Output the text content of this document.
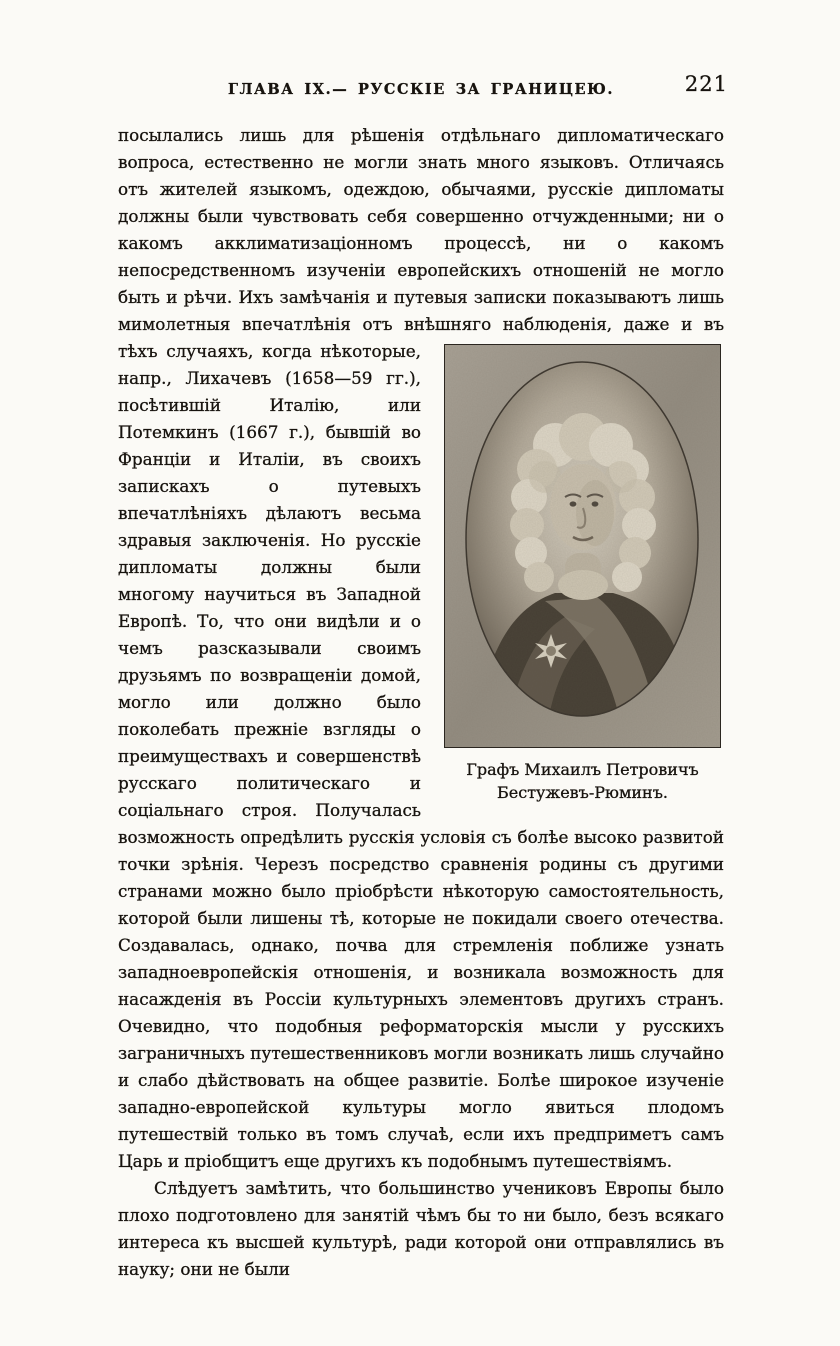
ГЛАВА IX.— РУССКІЕ ЗА ГРАНИЦЕЮ.	221
посылались лишь для рѣшенія отдѣльнаго дипломатическаго вопроса, естественно не могли знать много языковъ. Отличаясь отъ жителей языкомъ, одеждою, обычаями, русскіе дипломаты должны были чувствовать себя совершенно отчужденными; ни о какомъ акклиматизаціонномъ процессѣ, ни о какомъ непосредственномъ изученіи европейскихъ отношеній не могло быть и рѣчи. Ихъ замѣчанія и путевыя записки показываютъ лишь мимолетныя впечатлѣнія отъ внѣшняго наблюденія, даже и въ тѣхъ
Графъ Михаилъ Петровичъ
Бестужевъ-Рюминъ.
случаяхъ, когда нѣкоторые, напр., Лихачевъ (1658—59 гг.), посѣтившій Италію, или Потемкинъ (1667 г.), бывшій во Франціи и Италіи, въ своихъ запискахъ о путевыхъ впечатлѣніяхъ дѣлаютъ весьма здравыя заключенія. Но русскіе дипломаты должны были многому научиться въ Западной Европѣ. То, что они видѣли и о чемъ разсказывали своимъ друзьямъ по возвращеніи домой, могло или должно было поколебать прежніе взгляды о преимуществахъ и совершенствѣ русскаго политическаго и соціальнаго строя. Получалась возможность опредѣлить русскія условія съ болѣе высоко развитой точки зрѣнія. Черезъ посредство сравненія родины съ другими странами можно было пріобрѣсти нѣкоторую самостоятельность, которой были лишены тѣ, которые не покидали своего отечества. Создавалась, однако, почва для стремленія поближе узнать западноевропейскія отношенія, и возникала возможность для насажденія въ Россіи культурныхъ элементовъ другихъ странъ. Очевидно, что подобныя реформаторскія мысли у русскихъ заграничныхъ путешественниковъ могли возникать лишь случайно и слабо дѣйствовать на общее развитіе. Болѣе широкое изученіе западно-европейской культуры могло явиться плодомъ путешествій только въ томъ случаѣ, если ихъ предприметъ самъ Царь и пріобщитъ еще другихъ къ подобнымъ путешествіямъ.
Слѣдуетъ замѣтить, что большинство учениковъ Европы было плохо подготовлено для занятій чѣмъ бы то ни было, безъ всякаго интереса къ высшей культурѣ, ради которой они отправлялись въ науку; они не были
